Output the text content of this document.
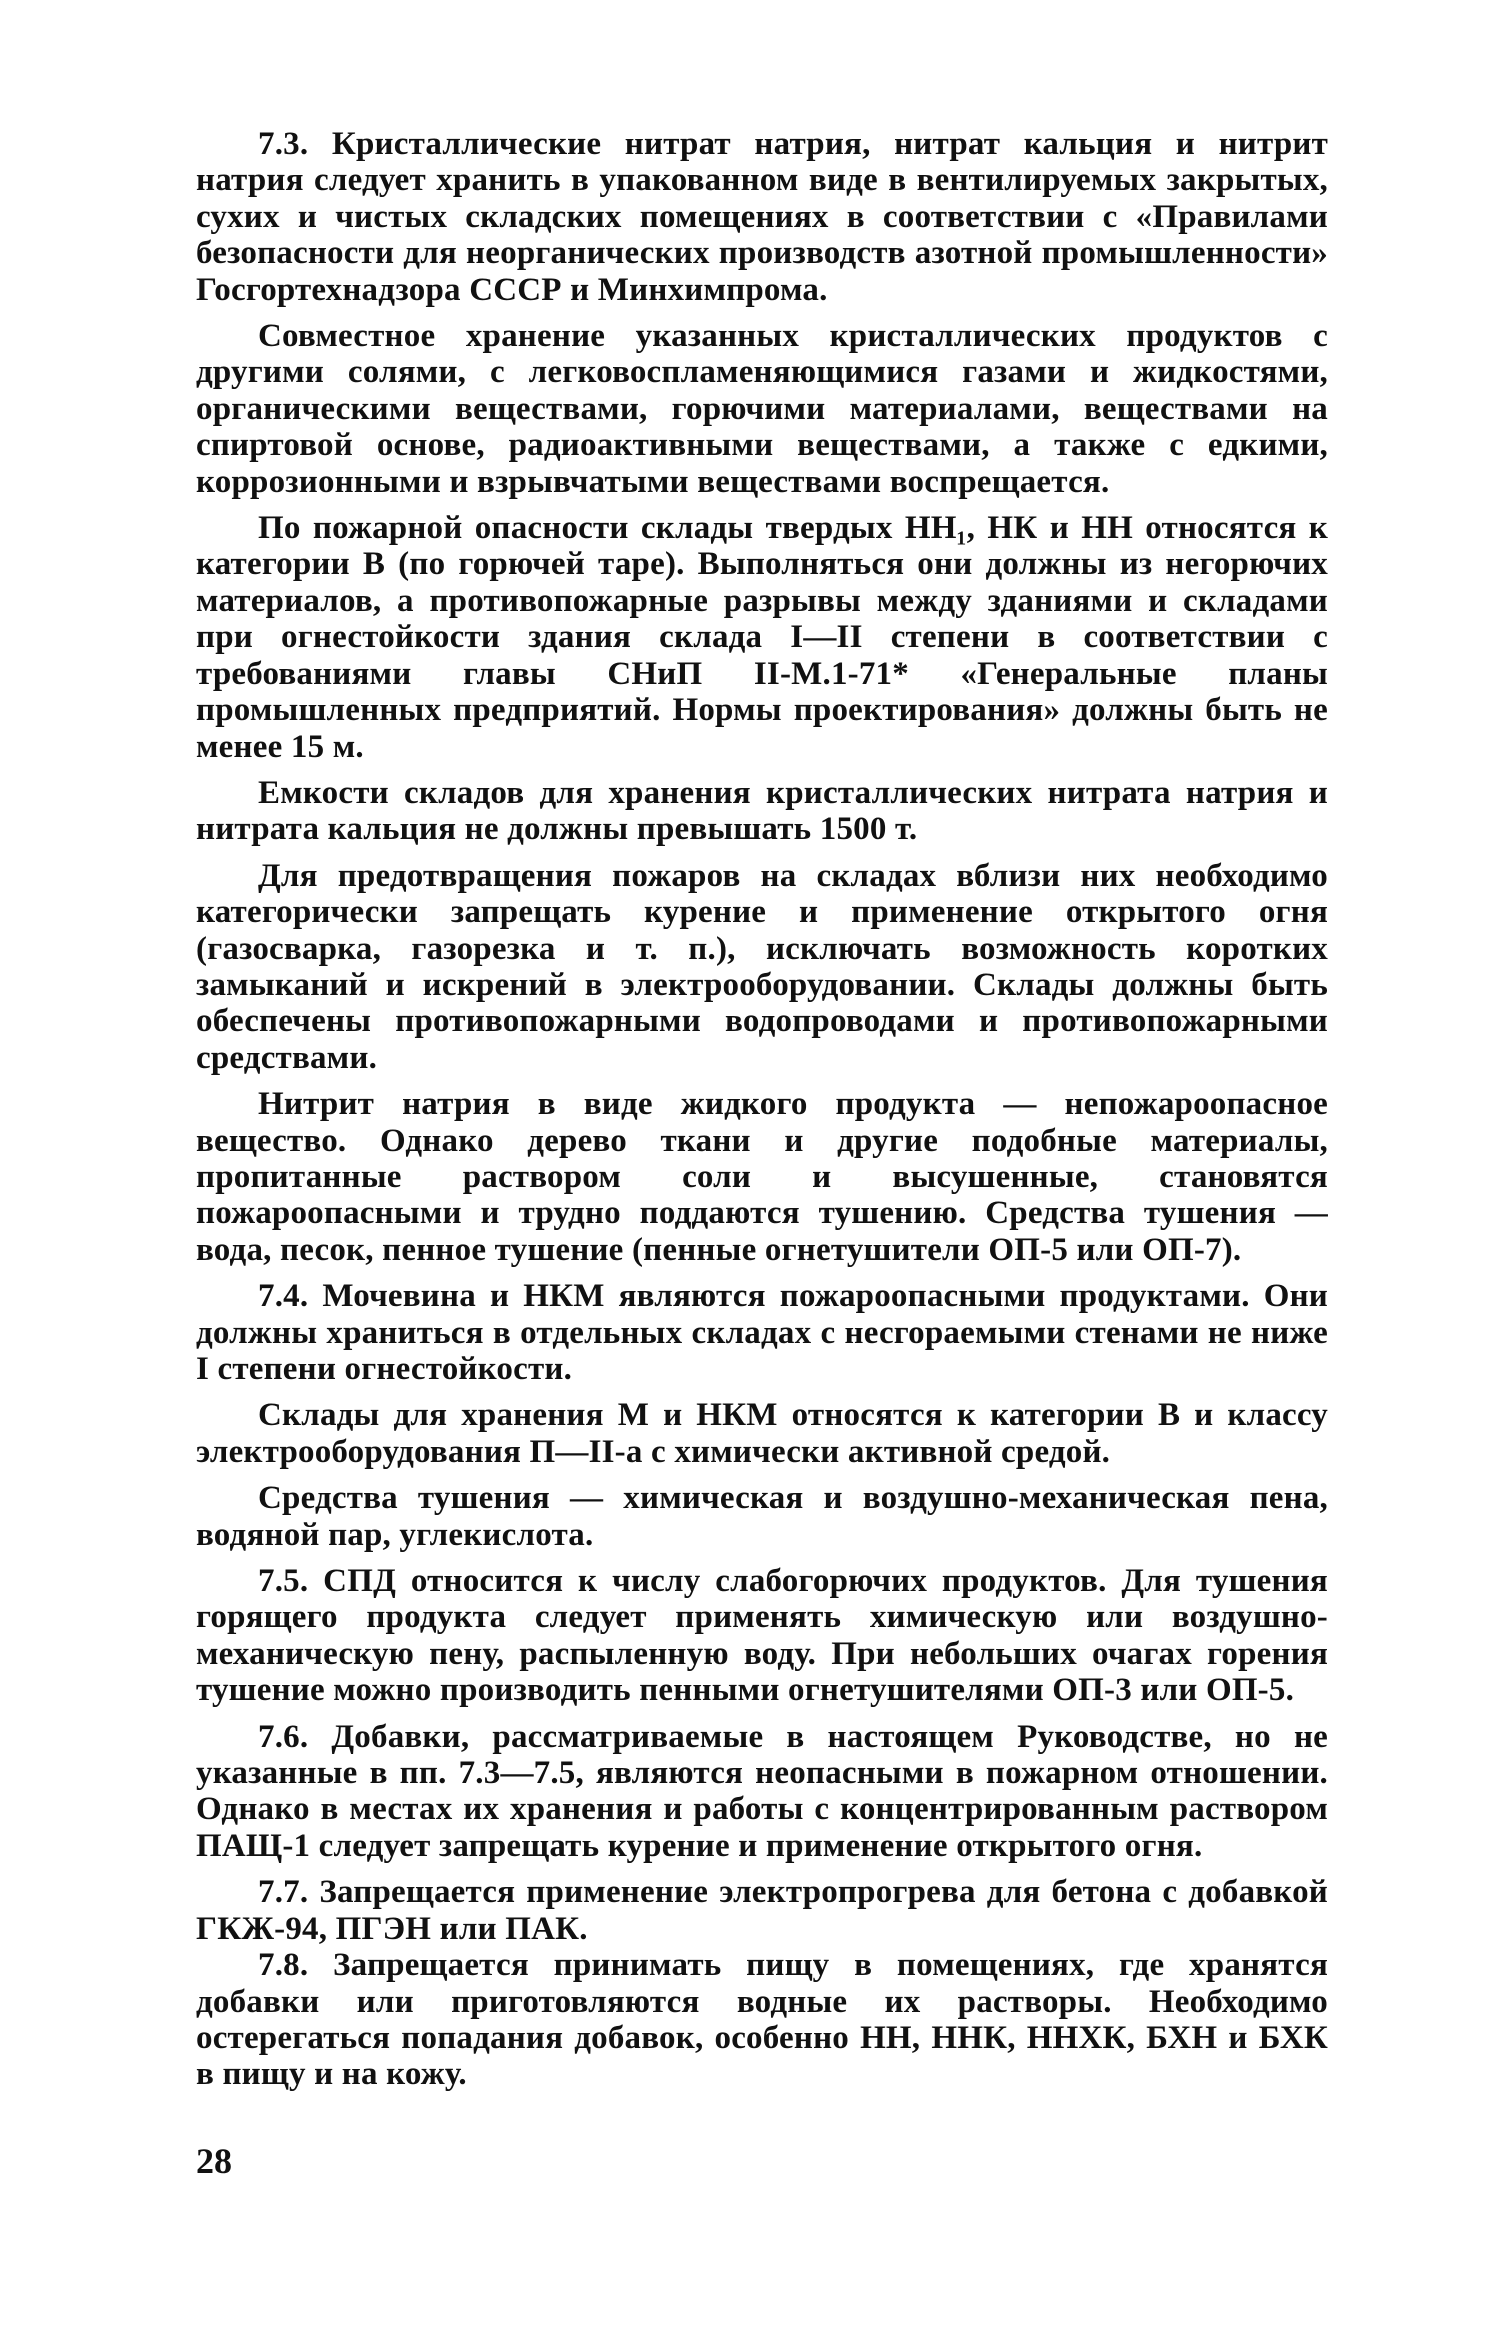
7.3. Кристаллические нитрат натрия, нитрат кальция и нитрит натрия следует хранить в упакованном виде в вентилируемых закрытых, сухих и чистых складских помещениях в соответствии с «Правилами безопасности для неорганических производств азотной промышленности» Госгортехнадзора СССР и Минхимпрома.

Совместное хранение указанных кристаллических продуктов с другими солями, с легковоспламеняющимися газами и жидкостями, органическими веществами, горючими материалами, веществами на спиртовой основе, радиоактивными веществами, а также с едкими, коррозионными и взрывчатыми веществами воспрещается.

По пожарной опасности склады твердых НН₁, НК и НН относятся к категории В (по горючей таре). Выполняться они должны из негорючих материалов, а противопожарные разрывы между зданиями и складами при огнестойкости здания склада I—II степени в соответствии с требованиями главы СНиП II-М.1-71* «Генеральные планы промышленных предприятий. Нормы проектирования» должны быть не менее 15 м.

Емкости складов для хранения кристаллических нитрата натрия и нитрата кальция не должны превышать 1500 т.

Для предотвращения пожаров на складах вблизи них необходимо категорически запрещать курение и применение открытого огня (газосварка, газорезка и т. п.), исключать возможность коротких замыканий и искрений в электрооборудовании. Склады должны быть обеспечены противопожарными водопроводами и противопожарными средствами.

Нитрит натрия в виде жидкого продукта — непожароопасное вещество. Однако дерево ткани и другие подобные материалы, пропитанные раствором соли и высушенные, становятся пожароопасными и трудно поддаются тушению. Средства тушения — вода, песок, пенное тушение (пенные огнетушители ОП-5 или ОП-7).

7.4. Мочевина и НКМ являются пожароопасными продуктами. Они должны храниться в отдельных складах с несгораемыми стенами не ниже I степени огнестойкости.

Склады для хранения М и НКМ относятся к категории В и классу электрооборудования П—II-а с химически активной средой.

Средства тушения — химическая и воздушно-механическая пена, водяной пар, углекислота.

7.5. СПД относится к числу слабогорючих продуктов. Для тушения горящего продукта следует применять химическую или воздушно-механическую пену, распыленную воду. При небольших очагах горения тушение можно производить пенными огнетушителями ОП-3 или ОП-5.

7.6. Добавки, рассматриваемые в настоящем Руководстве, но не указанные в пп. 7.3—7.5, являются неопасными в пожарном отношении. Однако в местах их хранения и работы с концентрированным раствором ПАЩ-1 следует запрещать курение и применение открытого огня.

7.7. Запрещается применение электропрогрева для бетона с добавкой ГКЖ-94, ПГЭН или ПАК.

7.8. Запрещается принимать пищу в помещениях, где хранятся добавки или приготовляются водные их растворы. Необходимо остерегаться попадания добавок, особенно НН, ННК, ННХК, БХН и БХК в пищу и на кожу.

28
